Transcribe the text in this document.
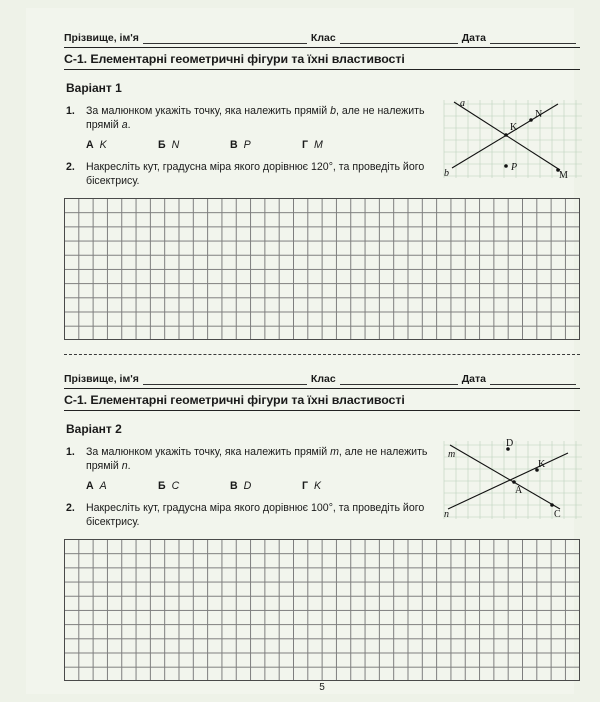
Прізвище, ім'я	Клас	Дата
С-1. Елементарні геометричні фігури та їхні властивості
Варіант 1
1. За малюнком укажіть точку, яка належить прямій b, але не належить прямій a.
a
N
K
b
P
M
А K	Б N	В P	Г M
2. Накресліть кут, градусна міра якого дорівнює 120°, та проведіть його бісектрису.
Прізвище, ім'я	Клас	Дата
С-1. Елементарні геометричні фігури та їхні властивості
Варіант 2
1. За малюнком укажіть точку, яка належить прямій m, але не належить прямій n.
m
D
K
n
A
C
А A	Б C	В D	Г K
2. Накресліть кут, градусна міра якого дорівнює 100°, та проведіть його бісектрису.
5
